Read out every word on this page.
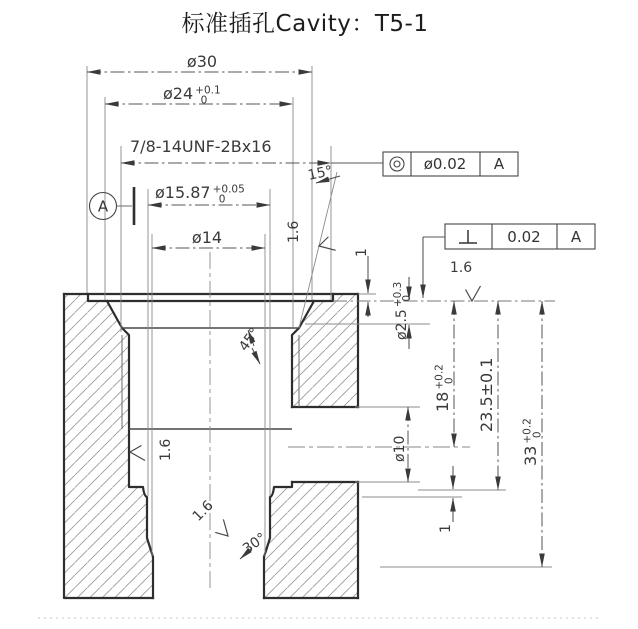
标准插孔Cavity：T5-1
ø30
ø24 $^{+0.1}$ 0
7/8-14UNF-2Bx16
ø15.87 $^{+0.05}$ 0
ø14
15°
45°
30°
1
$ø2.5^{+0.3}0$
$18^{+0.2}0$ 23.5±0.1
$33^{+0.2}0$
ø10
1
1.6
1.6
1.6
1.6
A
ø0.02 A
0.02 A
